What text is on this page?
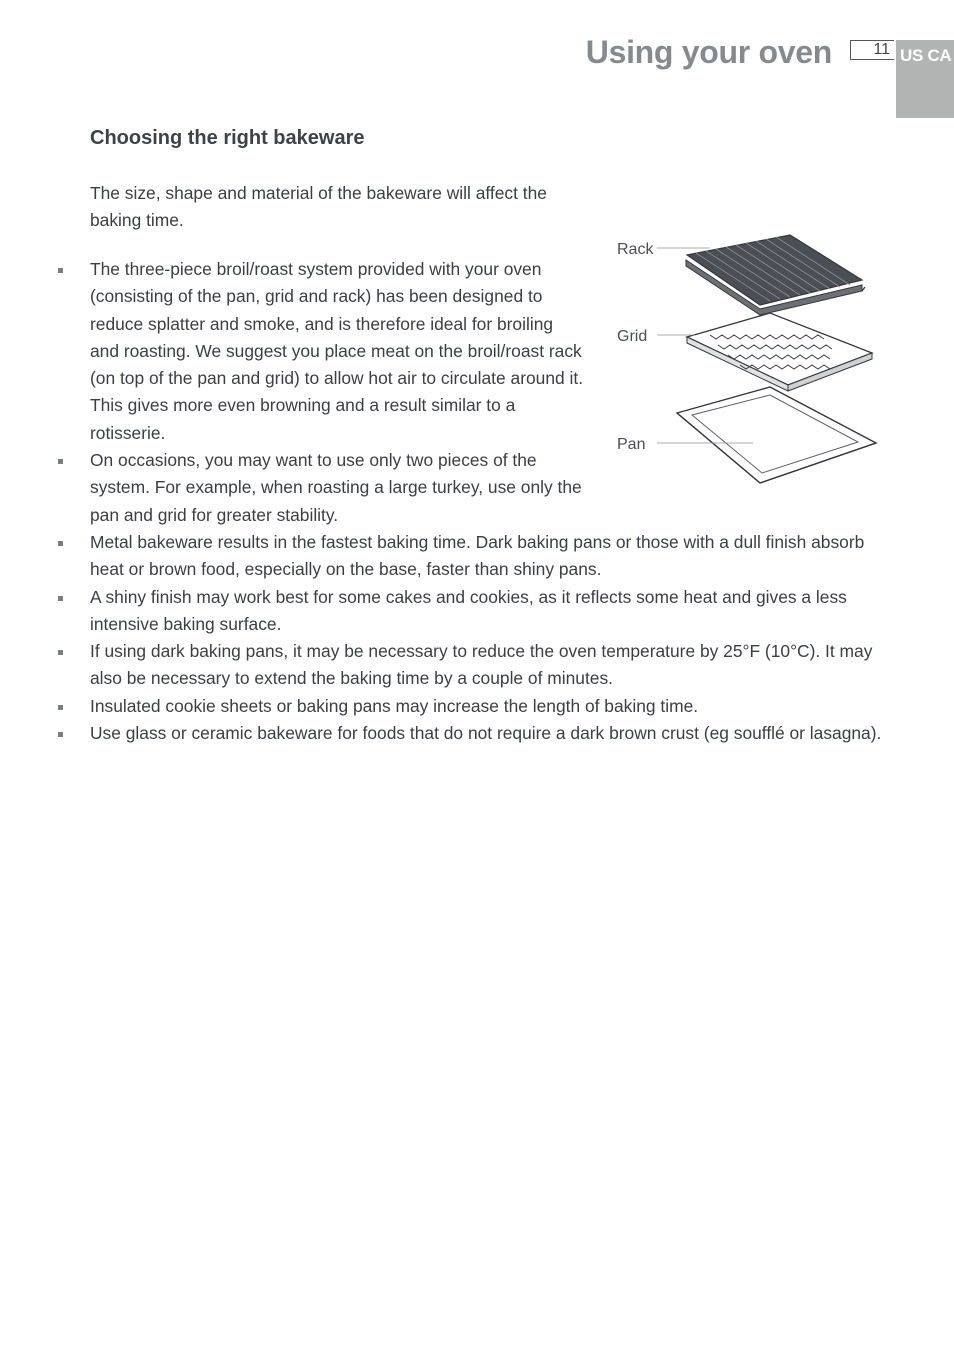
Using your oven	11 US CA
Choosing the right bakeware

The size, shape and material of the bakeware will affect the baking time.

The three-piece broil/roast system provided with your oven (consisting of the pan, grid and rack) has been designed to reduce splatter and smoke, and is therefore ideal for broiling and roasting. We suggest you place meat on the broil/roast rack (on top of the pan and grid) to allow hot air to circulate around it. This gives more even browning and a result similar to a rotisserie.
On occasions, you may want to use only two pieces of the system. For example, when roasting a large turkey, use only the pan and grid for greater stability.
Metal bakeware results in the fastest baking time. Dark baking pans or those with a dull finish absorb heat or brown food, especially on the base, faster than shiny pans.
A shiny finish may work best for some cakes and cookies, as it reflects some heat and gives a less intensive baking surface.
If using dark baking pans, it may be necessary to reduce the oven temperature by 25°F (10°C). It may also be necessary to extend the baking time by a couple of minutes.
Insulated cookie sheets or baking pans may increase the length of baking time.
Use glass or ceramic bakeware for foods that do not require a dark brown crust (eg soufflé or lasagna).
Rack
Grid
Pan
